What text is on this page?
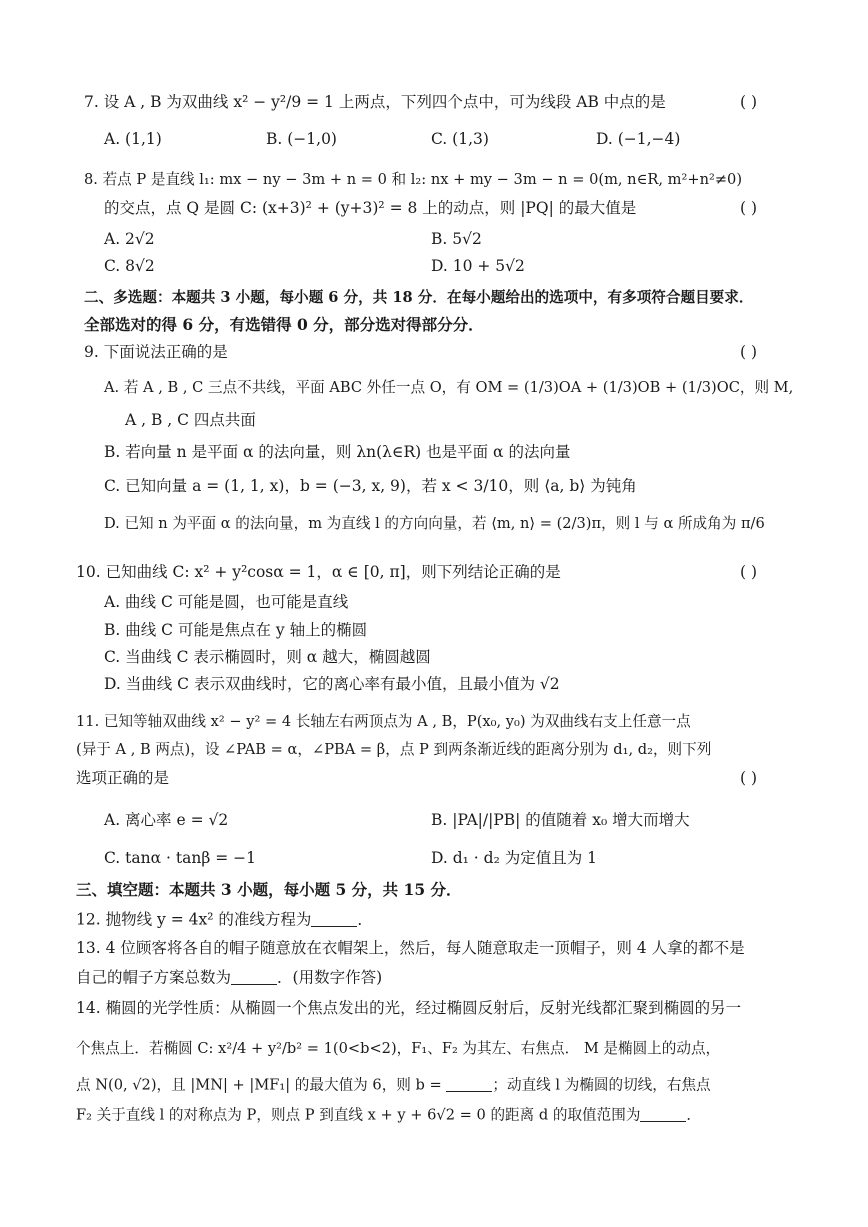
7. 设 A , B 为双曲线 x² − y²/9 = 1 上两点，下列四个点中，可为线段 AB 中点的是	( )
A. (1,1)	B. (−1,0)	C. (1,3)	D. (−1,−4)
8. 若点 P 是直线 l₁: mx − ny − 3m + n = 0 和 l₂: nx + my − 3m − n = 0(m, n∈R, m²+n²≠0)
的交点，点 Q 是圆 C: (x+3)² + (y+3)² = 8 上的动点，则 |PQ| 的最大值是	( )
A. 2√2	B. 5√2
C. 8√2	D. 10 + 5√2
二、多选题：本题共 3 小题，每小题 6 分，共 18 分．在每小题给出的选项中，有多项符合题目要求．
全部选对的得 6 分，有选错得 0 分，部分选对得部分分．
9. 下面说法正确的是	( )
A. 若 A , B , C 三点不共线，平面 ABC 外任一点 O，有 OM = (1/3)OA + (1/3)OB + (1/3)OC，则 M,
A , B , C 四点共面
B. 若向量 n 是平面 α 的法向量，则 λn(λ∈R) 也是平面 α 的法向量
C. 已知向量 a = (1, 1, x)，b = (−3, x, 9)，若 x < 3/10，则 ⟨a, b⟩ 为钝角
D. 已知 n 为平面 α 的法向量，m 为直线 l 的方向向量，若 ⟨m, n⟩ = (2/3)π，则 l 与 α 所成角为 π/6
10. 已知曲线 C: x² + y²cosα = 1，α ∈ [0, π]，则下列结论正确的是	( )
A. 曲线 C 可能是圆，也可能是直线
B. 曲线 C 可能是焦点在 y 轴上的椭圆
C. 当曲线 C 表示椭圆时，则 α 越大，椭圆越圆
D. 当曲线 C 表示双曲线时，它的离心率有最小值，且最小值为 √2
11. 已知等轴双曲线 x² − y² = 4 长轴左右两顶点为 A , B，P(x₀, y₀) 为双曲线右支上任意一点
(异于 A , B 两点)，设 ∠PAB = α，∠PBA = β，点 P 到两条渐近线的距离分别为 d₁, d₂，则下列
选项正确的是	( )
A. 离心率 e = √2	B. |PA|/|PB| 的值随着 x₀ 增大而增大
C. tanα · tanβ = −1	D. d₁ · d₂ 为定值且为 1
三、填空题：本题共 3 小题，每小题 5 分，共 15 分．
12. 抛物线 y = 4x² 的准线方程为	．
13. 4 位顾客将各自的帽子随意放在衣帽架上，然后，每人随意取走一顶帽子，则 4 人拿的都不是
自己的帽子方案总数为	．(用数字作答)
14. 椭圆的光学性质：从椭圆一个焦点发出的光，经过椭圆反射后，反射光线都汇聚到椭圆的另一
个焦点上．若椭圆 C: x²/4 + y²/b² = 1(0<b<2)，F₁、F₂ 为其左、右焦点． M 是椭圆上的动点，
点 N(0, √2)，且 |MN| + |MF₁| 的最大值为 6，则 b =	；动直线 l 为椭圆的切线，右焦点
F₂ 关于直线 l 的对称点为 P，则点 P 到直线 x + y + 6√2 = 0 的距离 d 的取值范围为	．
